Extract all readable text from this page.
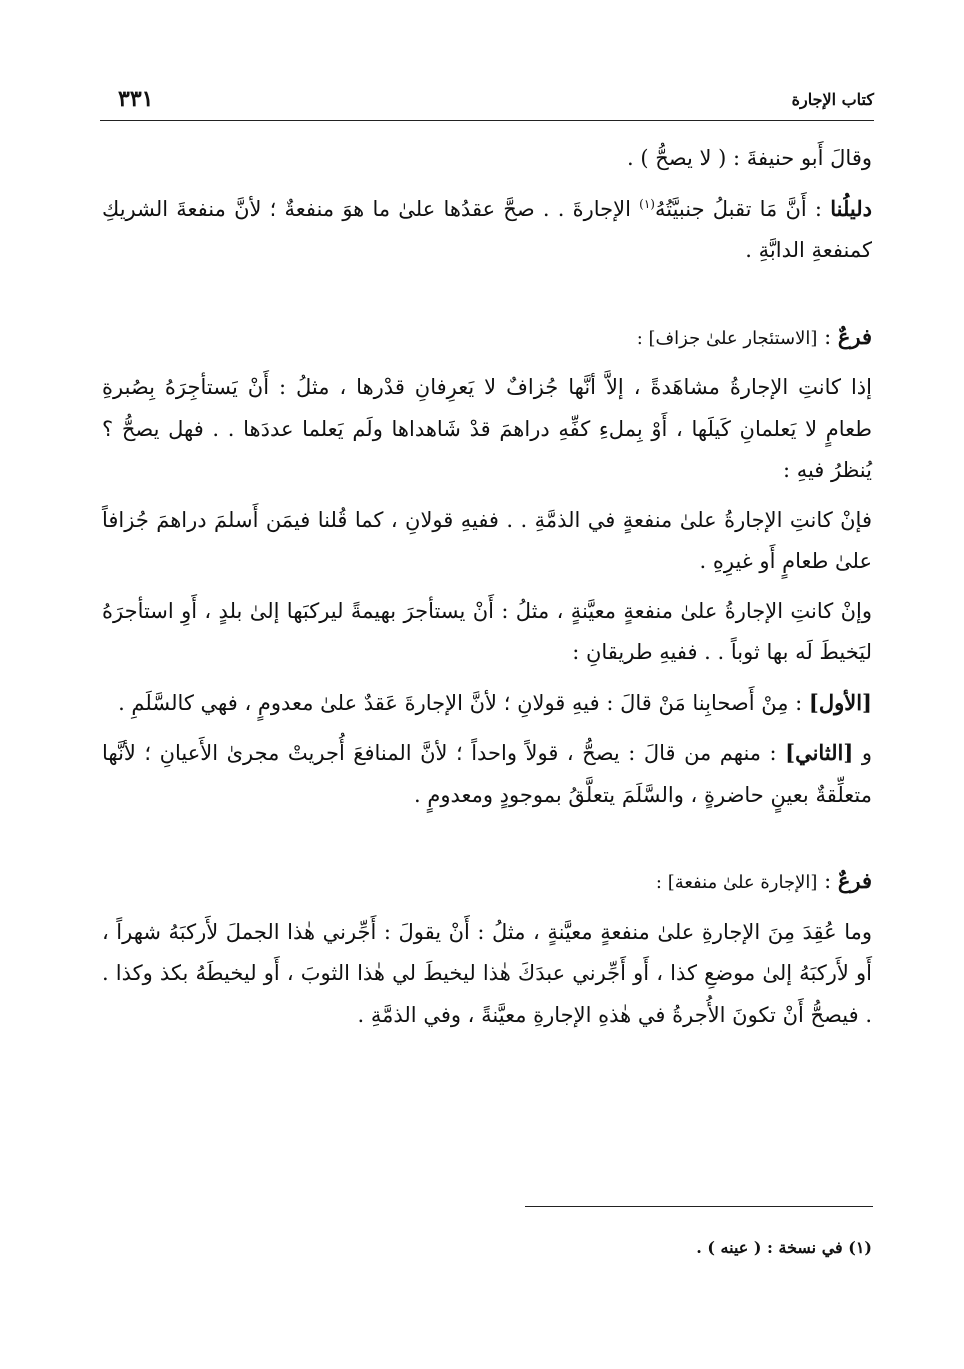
كتاب الإجارة
٣٣١

وقالَ أَبو حنيفةَ : ( لا يصحُّ ) .

دليلُنا : أَنَّ مَا تقبلُ جنبيَّتُهُ$^{(١)}$ الإجارةَ . . صحَّ عقدُها علىٰ ما هوَ منفعةٌ ؛ لأنَّ منفعةَ الشريكِ كمنفعةِ الدابَّةِ .

فرعٌ : [الاستئجار علىٰ جزاف] :

إذا كانتِ الإجارةُ مشاهَدةً ، إلاَّ أنَّها جُزافٌ لا يَعرِفانِ قدْرها ، مثلُ : أَنْ يَستأجِرَهُ بِصُبرةِ طعامٍ لا يَعلمانِ كَيلَها ، أَوْ بِملءِ كفِّهِ دراهمَ قدْ شَاهداها ولَم يَعلما عددَها . . فهل يصحُّ ؟ يُنظرُ فيهِ :

فإنْ كانتِ الإجارةُ علىٰ منفعةٍ في الذمَّةِ . . ففيهِ قولانِ ، كما قُلنا فيمَن أَسلمَ دراهمَ جُزافاً علىٰ طعامٍ أَو غيرِهِ .

وإنْ كانتِ الإجارةُ علىٰ منفعةٍ معيَّنةٍ ، مثلُ : أَنْ يستأجرَ بهيمةً ليركبَها إلىٰ بلدٍ ، أَوِ استأجرَهُ ليَخيطَ لَه بها ثوباً . . ففيهِ طريقانِ :

[الأول] : مِنْ أَصحابِنا مَنْ قالَ : فيهِ قولانِ ؛ لأنَّ الإجارةَ عَقدٌ علىٰ معدومٍ ، فهي كالسَّلَمِ .

و [الثاني] : منهم من قالَ : يصحُّ ، قولاً واحداً ؛ لأنَّ المنافعَ أُجريتْ مجرىٰ الأَعيانِ ؛ لأنَّها متعلِّقةٌ بعينٍ حاضرةٍ ، والسَّلَمَ يتعلَّقُ بموجودٍ ومعدومٍ .

فرعٌ : [الإجارة علىٰ منفعة] :

وما عُقِدَ مِنَ الإجارةِ علىٰ منفعةٍ معيَّنةٍ ، مثلُ : أَنْ يقولَ : أَجِّرني هٰذا الجملَ لأَركبَهُ شهراً ، أَو لأَركبَهُ إلىٰ موضعِ كذا ، أَو أَجِّرني عبدَكَ هٰذا ليخيطَ لي هٰذا الثوبَ ، أَو ليخيطَهُ بكذ وكذا . . فيصحُّ أَنْ تكونَ الأُجرةُ في هٰذهِ الإجارةِ معيَّنةً ، وفي الذمَّةِ .

(١) في نسخة : ( عينه ) .
